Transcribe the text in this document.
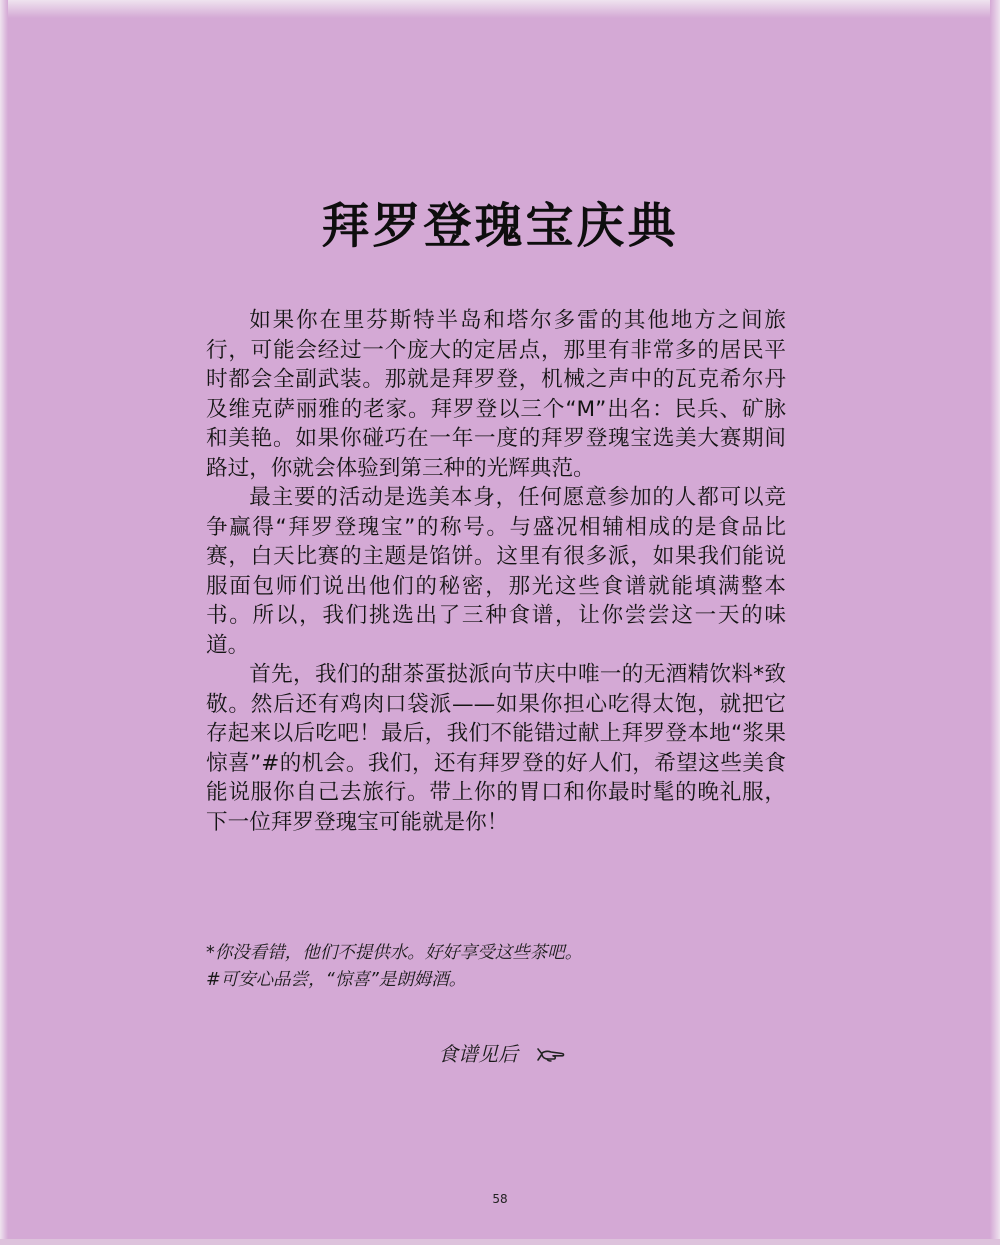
拜罗登瑰宝庆典

如果你在里芬斯特半岛和塔尔多雷的其他地方之间旅行，可能会经过一个庞大的定居点，那里有非常多的居民平时都会全副武装。那就是拜罗登，机械之声中的瓦克希尔丹及维克萨丽雅的老家。拜罗登以三个“M”出名：民兵、矿脉和美艳。如果你碰巧在一年一度的拜罗登瑰宝选美大赛期间路过，你就会体验到第三种的光辉典范。

最主要的活动是选美本身，任何愿意参加的人都可以竞争赢得“拜罗登瑰宝”的称号。与盛况相辅相成的是食品比赛，白天比赛的主题是馅饼。这里有很多派，如果我们能说服面包师们说出他们的秘密，那光这些食谱就能填满整本书。所以，我们挑选出了三种食谱，让你尝尝这一天的味道。

首先，我们的甜茶蛋挞派向节庆中唯一的无酒精饮料*致敬。然后还有鸡肉口袋派——如果你担心吃得太饱，就把它存起来以后吃吧！最后，我们不能错过献上拜罗登本地“浆果惊喜”#的机会。我们，还有拜罗登的好人们，希望这些美食能说服你自己去旅行。带上你的胃口和你最时髦的晚礼服，下一位拜罗登瑰宝可能就是你！

*你没看错，他们不提供水。好好享受这些茶吧。
#可安心品尝，“惊喜”是朗姆酒。
食谱见后
58
